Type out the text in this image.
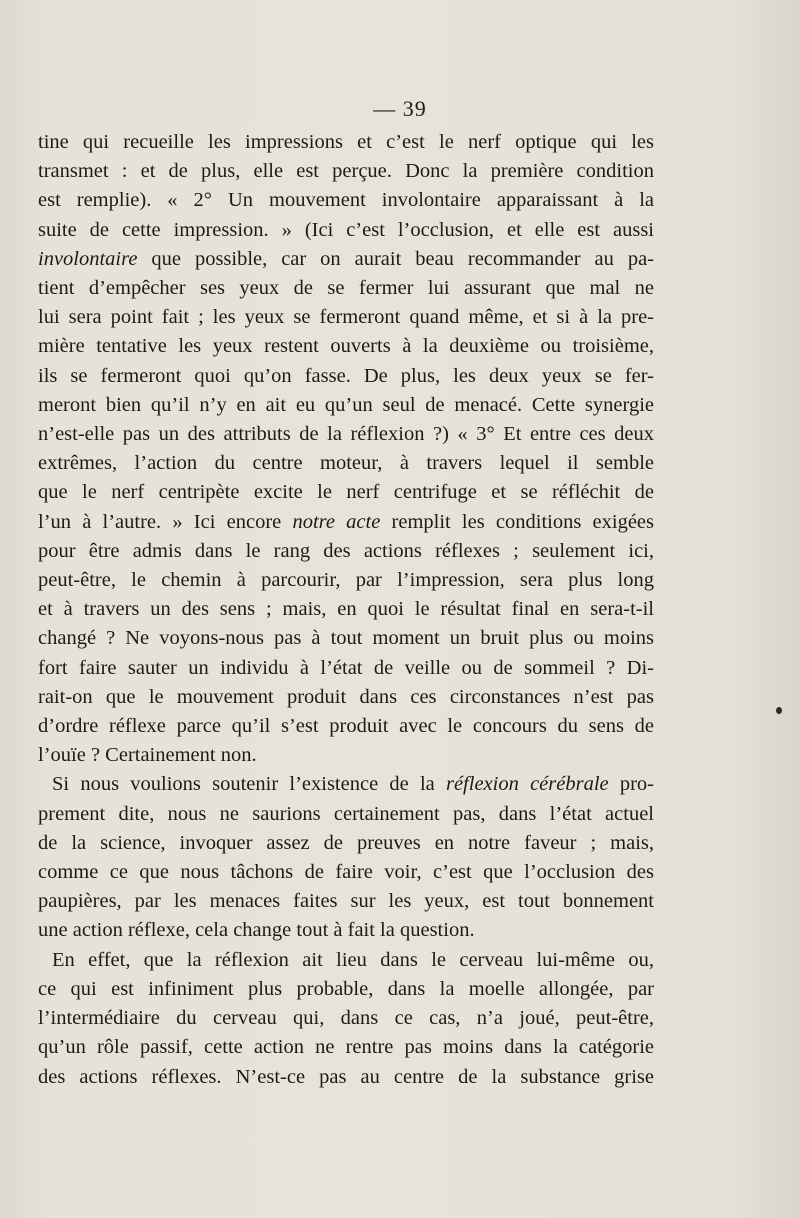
— 39
tine qui recueille les impressions et c’est le nerf optique qui les
transmet : et de plus, elle est perçue. Donc la première condition
est remplie). « 2° Un mouvement involontaire apparaissant à la
suite de cette impression. » (Ici c’est l’occlusion, et elle est aussi
involontaire que possible, car on aurait beau recommander au pa-
tient d’empêcher ses yeux de se fermer lui assurant que mal ne
lui sera point fait ; les yeux se fermeront quand même, et si à la pre-
mière tentative les yeux restent ouverts à la deuxième ou troisième,
ils se fermeront quoi qu’on fasse. De plus, les deux yeux se fer-
meront bien qu’il n’y en ait eu qu’un seul de menacé. Cette synergie
n’est-elle pas un des attributs de la réflexion ?) « 3° Et entre ces deux
extrêmes, l’action du centre moteur, à travers lequel il semble
que le nerf centripète excite le nerf centrifuge et se réfléchit de
l’un à l’autre. » Ici encore notre acte remplit les conditions exigées
pour être admis dans le rang des actions réflexes ; seulement ici,
peut-être, le chemin à parcourir, par l’impression, sera plus long
et à travers un des sens ; mais, en quoi le résultat final en sera-t-il
changé ? Ne voyons-nous pas à tout moment un bruit plus ou moins
fort faire sauter un individu à l’état de veille ou de sommeil ? Di-
rait-on que le mouvement produit dans ces circonstances n’est pas
d’ordre réflexe parce qu’il s’est produit avec le concours du sens de
l’ouïe ? Certainement non.
Si nous voulions soutenir l’existence de la réflexion cérébrale pro-
prement dite, nous ne saurions certainement pas, dans l’état actuel
de la science, invoquer assez de preuves en notre faveur ; mais,
comme ce que nous tâchons de faire voir, c’est que l’occlusion des
paupières, par les menaces faites sur les yeux, est tout bonnement
une action réflexe, cela change tout à fait la question.
En effet, que la réflexion ait lieu dans le cerveau lui-même ou,
ce qui est infiniment plus probable, dans la moelle allongée, par
l’intermédiaire du cerveau qui, dans ce cas, n’a joué, peut-être,
qu’un rôle passif, cette action ne rentre pas moins dans la catégorie
des actions réflexes. N’est-ce pas au centre de la substance grise
